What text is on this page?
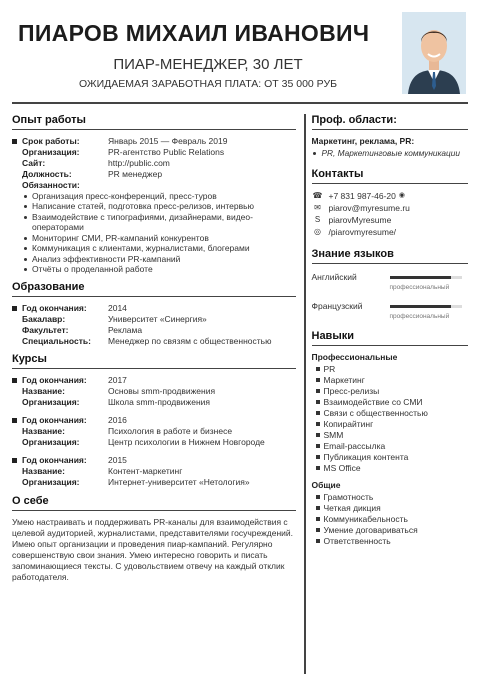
ПИАРОВ МИХАИЛ ИВАНОВИЧ
ПИАР-МЕНЕДЖЕР, 30 ЛЕТ
ОЖИДАЕМАЯ ЗАРАБОТНАЯ ПЛАТА: ОТ 35 000 РУБ
Опыт работы
Срок работы:	Январь 2015 — Февраль 2019
Организация:	PR-агентство Public Relations
Сайт:	http://public.com
Должность:	PR менеджер
Обязанности:
Организация пресс-конференций, пресс-туров
Написание статей, подготовка пресс-релизов, интервью
Взаимодействие с типографиями, дизайнерами, видео-операторами
Мониторинг СМИ, PR-кампаний конкурентов
Коммуникация с клиентами, журналистами, блогерами
Анализ эффективности PR-кампаний
Отчёты о проделанной работе
Образование
Год окончания:	2014
Бакалавр:	Университет «Синергия»
Факультет:	Реклама
Специальность:	Менеджер по связям с общественностью
Курсы
Год окончания:	2017
Название:	Основы smm-продвижения
Организация:	Школа smm-продвижения
Год окончания:	2016
Название:	Психология в работе и бизнесе
Организация:	Центр психологии в Нижнем Новгороде
Год окончания:	2015
Название:	Контент-маркетинг
Организация:	Интернет-университет «Нетология»
О себе
Умею настраивать и поддерживать PR-каналы для взаимодействия с целевой аудиторией, журналистами, представителями госучреждений. Имею опыт организации и проведения пиар-кампаний. Регулярно совершенствую свои знания. Умею интересно говорить и писать запоминающиеся тексты. С удовольствием отвечу на каждый отклик работодателя.
Проф. области:
Маркетинг, реклама, PR:
PR, Маркетинговые коммуникации
Контакты
☎ +7 831 987-46-20 ◉
✉ piarov@myresume.ru
S piarovMyresume
◎ /piarovmyresume/
Знание языков
Английский
профессиональный
Французский
профессиональный
Навыки
Профессиональные
PR
Маркетинг
Пресс-релизы
Взаимодействие со СМИ
Связи с общественностью
Копирайтинг
SMM
Email-рассылка
Публикация контента
MS Office
Общие
Грамотность
Четкая дикция
Коммуникабельность
Умение договариваться
Ответственность
